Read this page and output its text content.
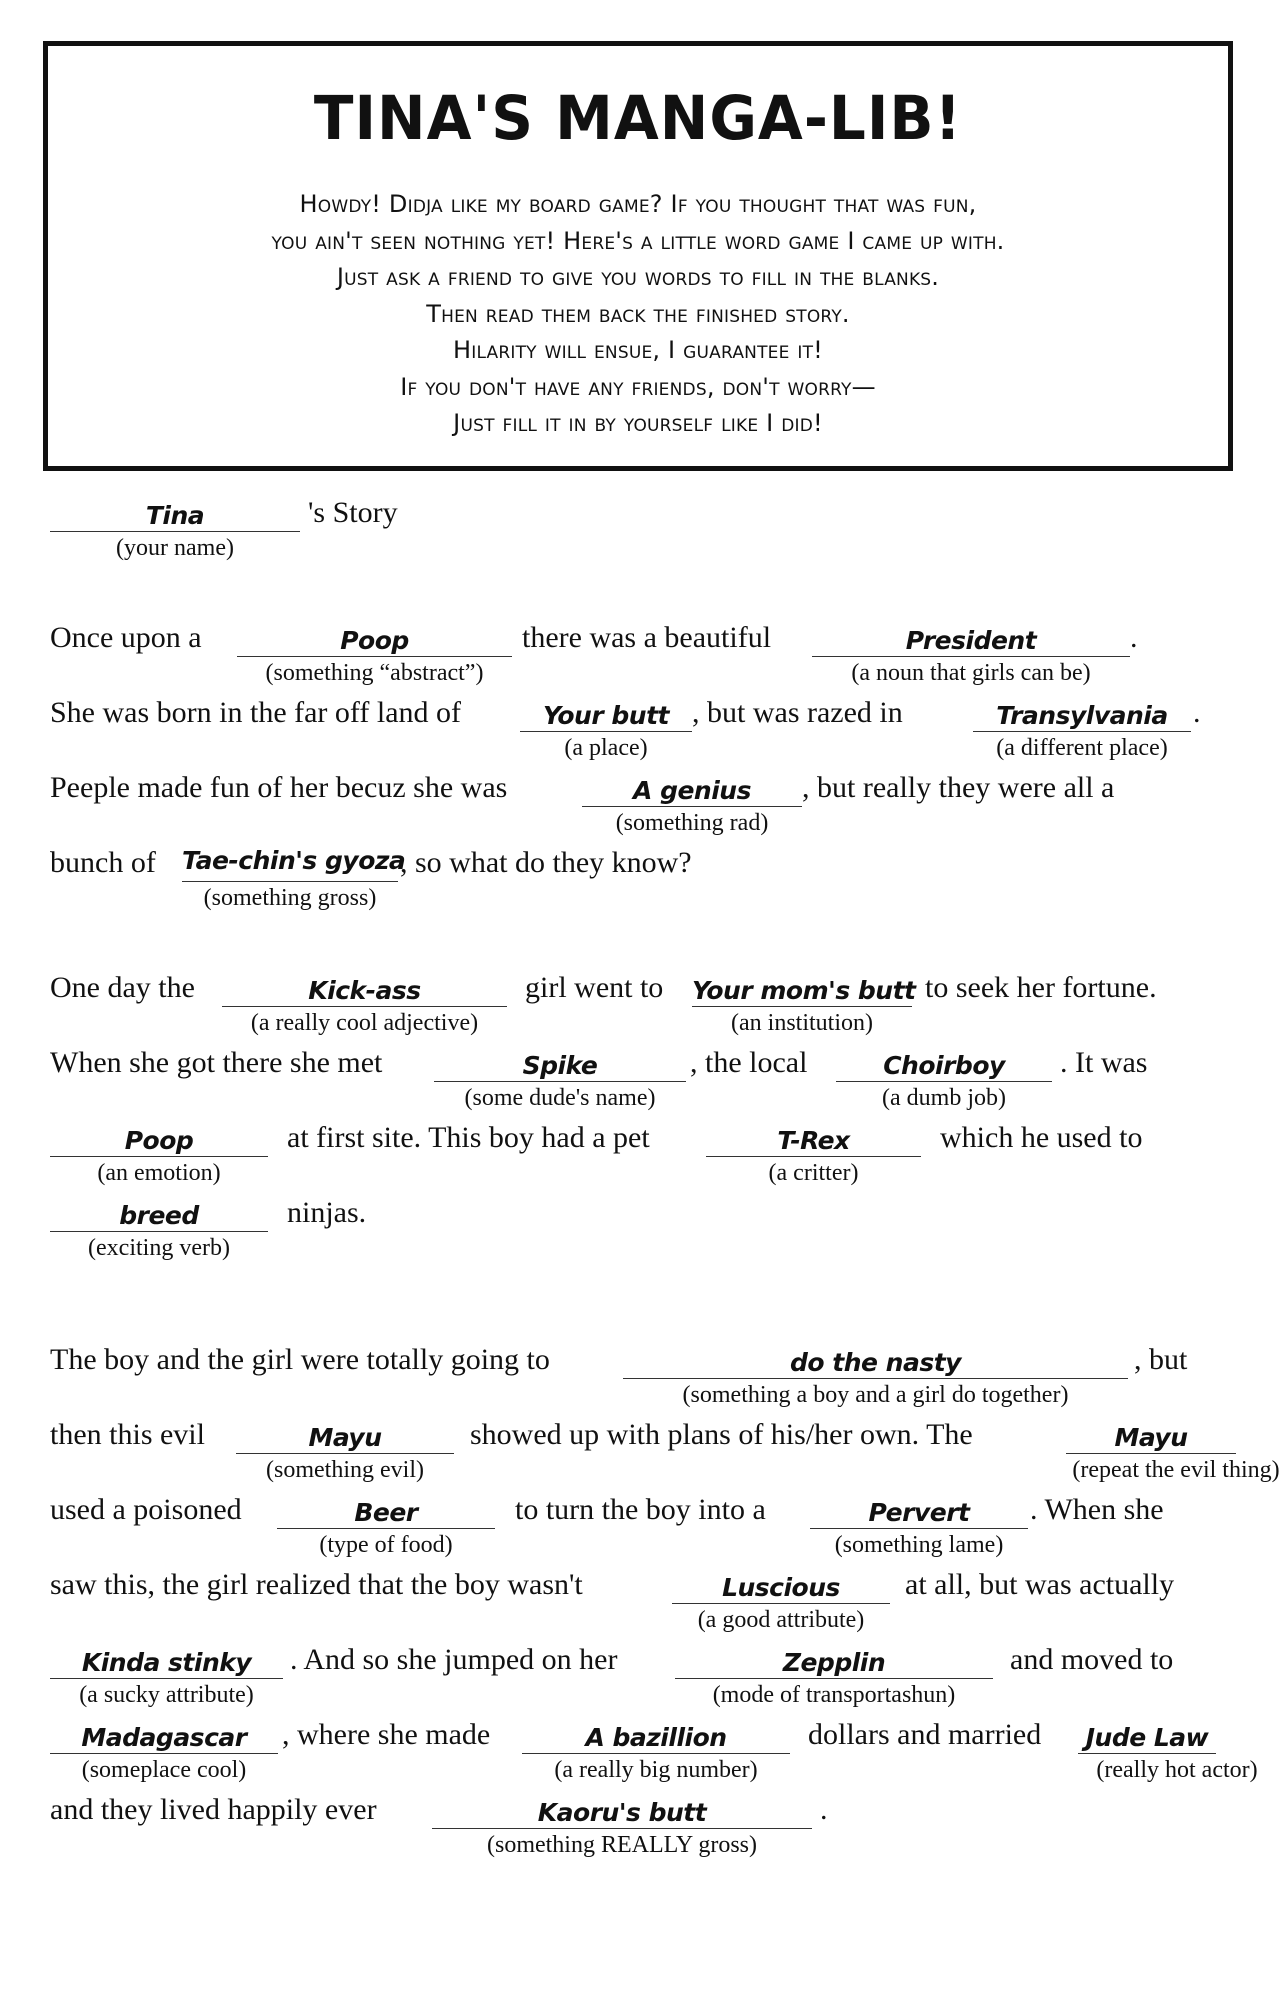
TINA'S MANGA-LIB!
Howdy! Didja like my board game? If you thought that was fun,
you ain't seen nothing yet! Here's a little word game I came up with.
Just ask a friend to give you words to fill in the blanks.
Then read them back the finished story.
Hilarity will ensue, I guarantee it!
If you don't have any friends, don't worry—
Just fill it in by yourself like I did!
Tina
(your name)
's Story
Once upon a	Poop
(something “abstract”)
there was a beautiful	President
(a noun that girls can be)
.
She was born in the far off land of	Your butt
(a place)
, but was razed in	Transylvania
(a different place)
.
Peeple made fun of her becuz she was	A genius
(something rad)
, but really they were all a
bunch of Tae-chin's gyoza
(something gross)
, so what do they know?
One day the	Kick-ass
(a really cool adjective)
girl went to Your mom's butt
(an institution)
to seek her fortune.
When she got there she met	Spike
(some dude's name)
, the local	Choirboy
(a dumb job)
. It was
Poop
(an emotion)
at first site. This boy had a pet	T-Rex
(a critter)
which he used to
breed
(exciting verb)
ninjas.
The boy and the girl were totally going to	do the nasty
(something a boy and a girl do together)
, but
then this evil	Mayu
(something evil)
showed up with plans of his/her own. The	Mayu
(repeat the evil thing)
used a poisoned	Beer
(type of food)
to turn the boy into a	Pervert
(something lame)
. When she
saw this, the girl realized that the boy wasn't	Luscious
(a good attribute)
at all, but was actually
Kinda stinky
(a sucky attribute)
. And so she jumped on her	Zepplin
(mode of transportashun)
and moved to
Madagascar
(someplace cool)
, where she made	A bazillion
(a really big number)
dollars and married	Jude Law
(really hot actor)
and they lived happily ever	Kaoru's butt
(something REALLY gross)
.
